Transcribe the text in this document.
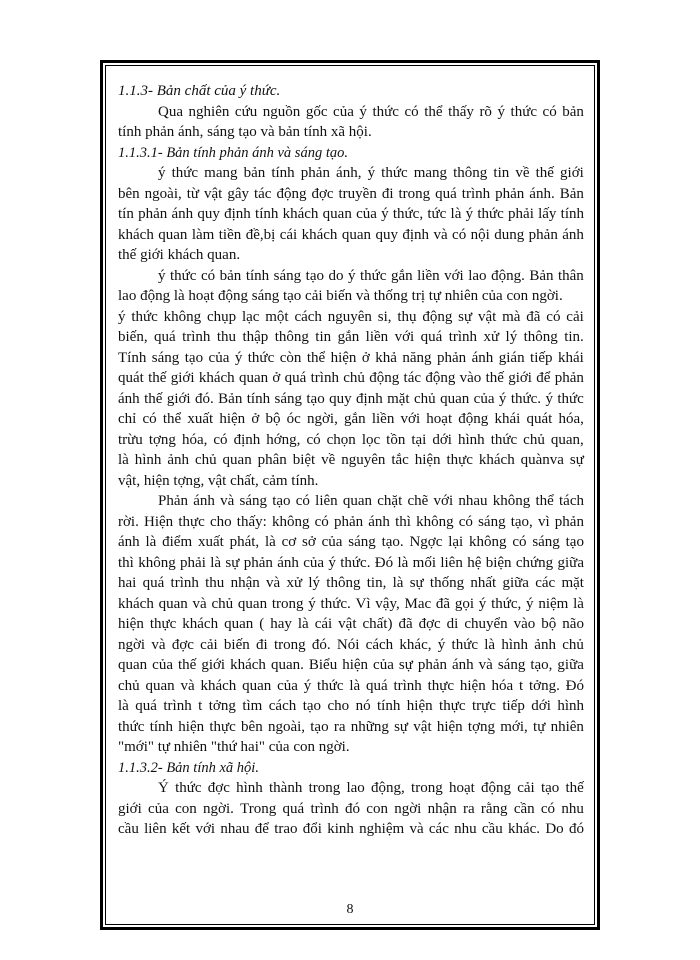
1.1.3- Bản chất của ý thức.
Qua nghiên cứu nguồn gốc của ý thức có thể thấy rõ ý thức có bản
tính phản ánh, sáng tạo và bản tính xã hội.
1.1.3.1- Bản tính phản ánh và sáng tạo.
ý thức mang bản tính phản ánh, ý thức mang thông tin về thế giới
bên ngoài, từ vật gây tác động đợc truyền đi trong quá trình phản ánh. Bản
tín phản ánh quy định tính khách quan của ý thức, tức là ý thức phải lấy tính
khách quan làm tiền đề,bị cái khách quan quy định và có nội dung phản ánh
thế giới khách quan.
ý thức có bản tính sáng tạo do ý thức gắn liền với lao động. Bản thân
lao động là hoạt động sáng tạo cải biến và thống trị tự nhiên của con ngời.
ý thức không chụp lạc một cách nguyên si, thụ động sự vật mà đã có cải
biến, quá trình thu thập thông tin gắn liền với quá trình xử lý thông tin.
Tính sáng tạo của ý thức còn thể hiện ở khả năng phản ánh gián tiếp khái
quát thế giới khách quan ở quá trình chủ động tác động vào thế giới để phản
ánh thế giới đó. Bản tính sáng tạo quy định mặt chủ quan của ý thức. ý thức
chỉ có thể xuất hiện ở bộ óc ngời, gắn liền với hoạt động khái quát hóa,
trừu tợng hóa, có định hớng, có chọn lọc tồn tại dới hình thức chủ quan,
là hình ảnh chủ quan phân biệt về nguyên tắc hiện thực khách quànva sự
vật, hiện tợng, vật chất, cảm tính.
Phản ánh và sáng tạo có liên quan chặt chẽ với nhau không thể tách
rời. Hiện thực cho thấy: không có phản ánh thì không có sáng tạo, vì phản
ánh là điểm xuất phát, là cơ sở của sáng tạo. Ngợc lại không có sáng tạo
thì không phải là sự phản ánh của ý thức. Đó là mối liên hệ biện chứng giữa
hai quá trình thu nhận và xử lý thông tin, là sự thống nhất giữa các mặt
khách quan và chủ quan trong ý thức. Vì vậy, Mac đã gọi ý thức, ý niệm là
hiện thực khách quan ( hay là cái vật chất) đã đợc di chuyển vào bộ não
ngời và đợc cải biến đi trong đó. Nói cách khác, ý thức là hình ảnh chủ
quan của thế giới khách quan. Biểu hiện của sự phản ánh và sáng tạo, giữa
chủ quan và khách quan của ý thức là quá trình thực hiện hóa t tởng. Đó
là quá trình t tởng tìm cách tạo cho nó tính hiện thực trực tiếp dới hình
thức tính hiện thực bên ngoài, tạo ra những sự vật hiện tợng mới, tự nhiên
"mới" tự nhiên "thứ hai" của con ngời.
1.1.3.2- Bản tính xã hội.
Ý thức đợc hình thành trong lao động, trong hoạt động cải tạo thế
giới của con ngời. Trong quá trình đó con ngời nhận ra rằng cần có nhu
cầu liên kết với nhau để trao đổi kinh nghiệm và các nhu cầu khác. Do đó
8
